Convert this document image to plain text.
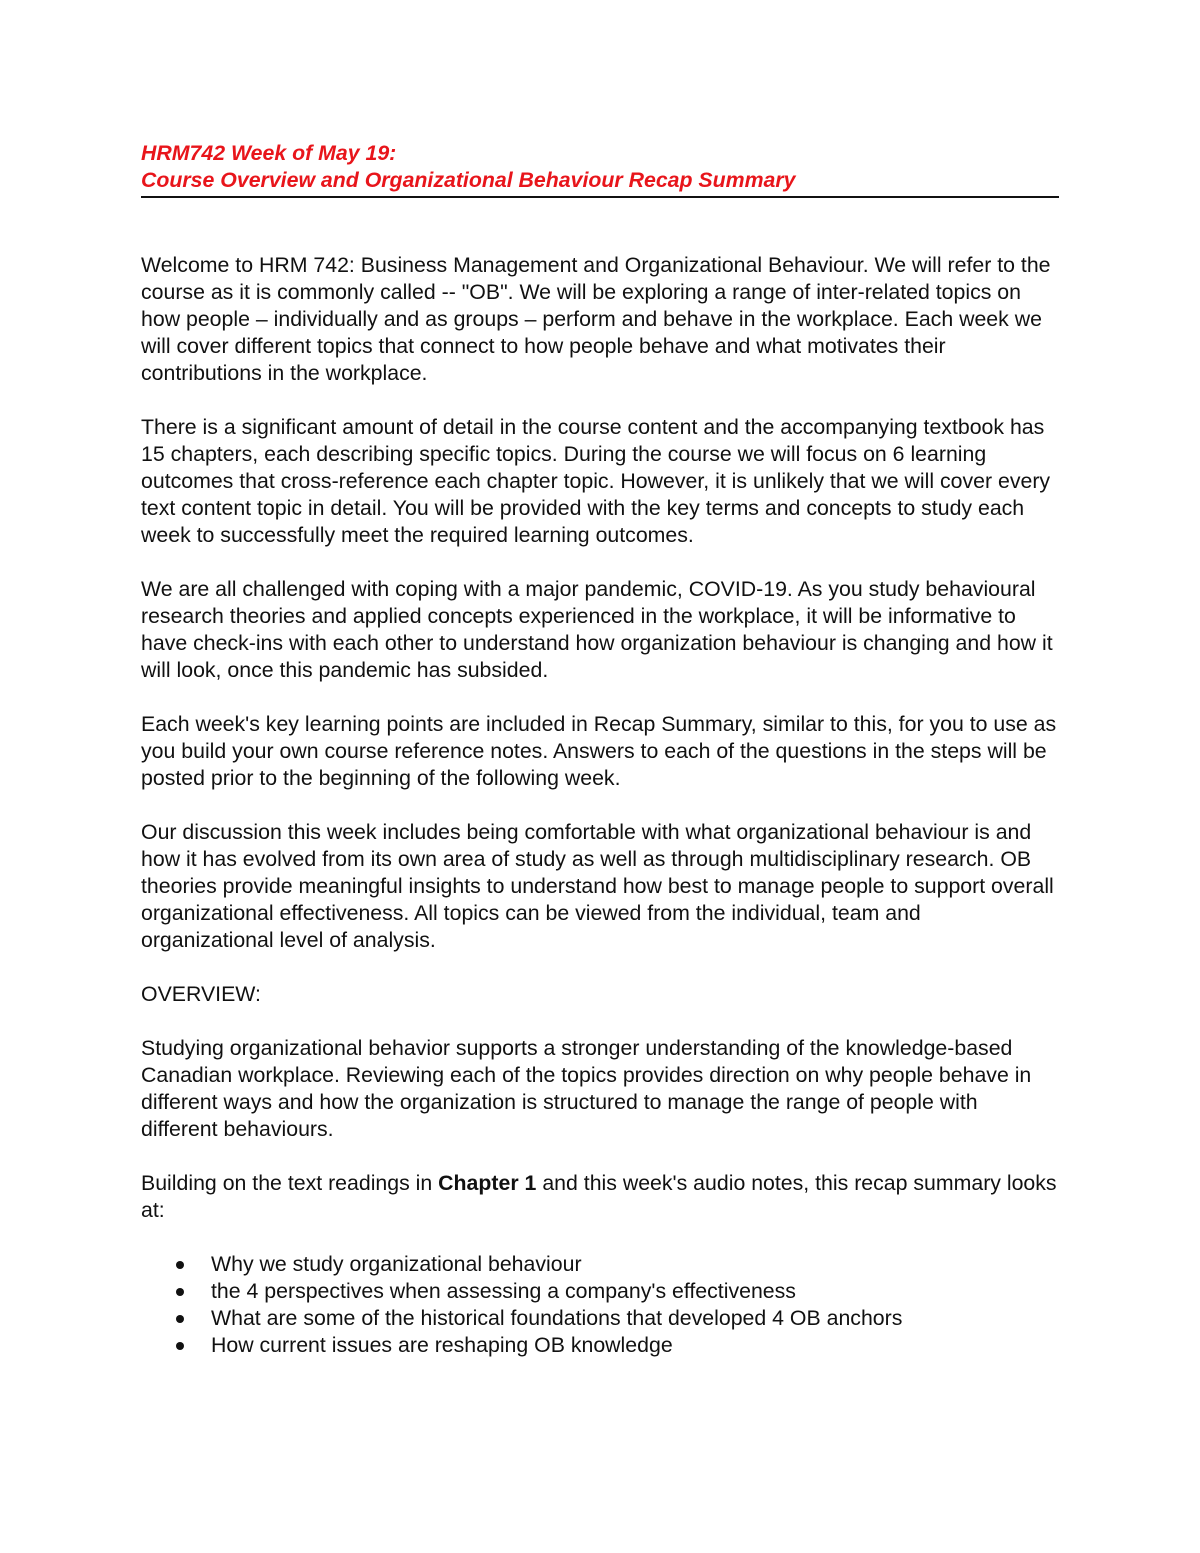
HRM742 Week of May 19:

Course Overview and Organizational Behaviour Recap Summary

Welcome to HRM 742: Business Management and Organizational Behaviour. We will refer to the course as it is commonly called -- "OB". We will be exploring a range of inter-related topics on how people – individually and as groups – perform and behave in the workplace. Each week we will cover different topics that connect to how people behave and what motivates their contributions in the workplace.

There is a significant amount of detail in the course content and the accompanying textbook has 15 chapters, each describing specific topics. During the course we will focus on 6 learning outcomes that cross-reference each chapter topic. However, it is unlikely that we will cover every text content topic in detail. You will be provided with the key terms and concepts to study each week to successfully meet the required learning outcomes.

We are all challenged with coping with a major pandemic, COVID-19. As you study behavioural research theories and applied concepts experienced in the workplace, it will be informative to have check-ins with each other to understand how organization behaviour is changing and how it will look, once this pandemic has subsided.

Each week's key learning points are included in Recap Summary, similar to this, for you to use as you build your own course reference notes. Answers to each of the questions in the steps will be posted prior to the beginning of the following week.

Our discussion this week includes being comfortable with what organizational behaviour is and how it has evolved from its own area of study as well as through multidisciplinary research. OB theories provide meaningful insights to understand how best to manage people to support overall organizational effectiveness. All topics can be viewed from the individual, team and organizational level of analysis.

OVERVIEW:

Studying organizational behavior supports a stronger understanding of the knowledge-based Canadian workplace. Reviewing each of the topics provides direction on why people behave in different ways and how the organization is structured to manage the range of people with different behaviours.

Building on the text readings in Chapter 1 and this week's audio notes, this recap summary looks at:

Why we study organizational behaviour
the 4 perspectives when assessing a company's effectiveness
What are some of the historical foundations that developed 4 OB anchors
How current issues are reshaping OB knowledge
